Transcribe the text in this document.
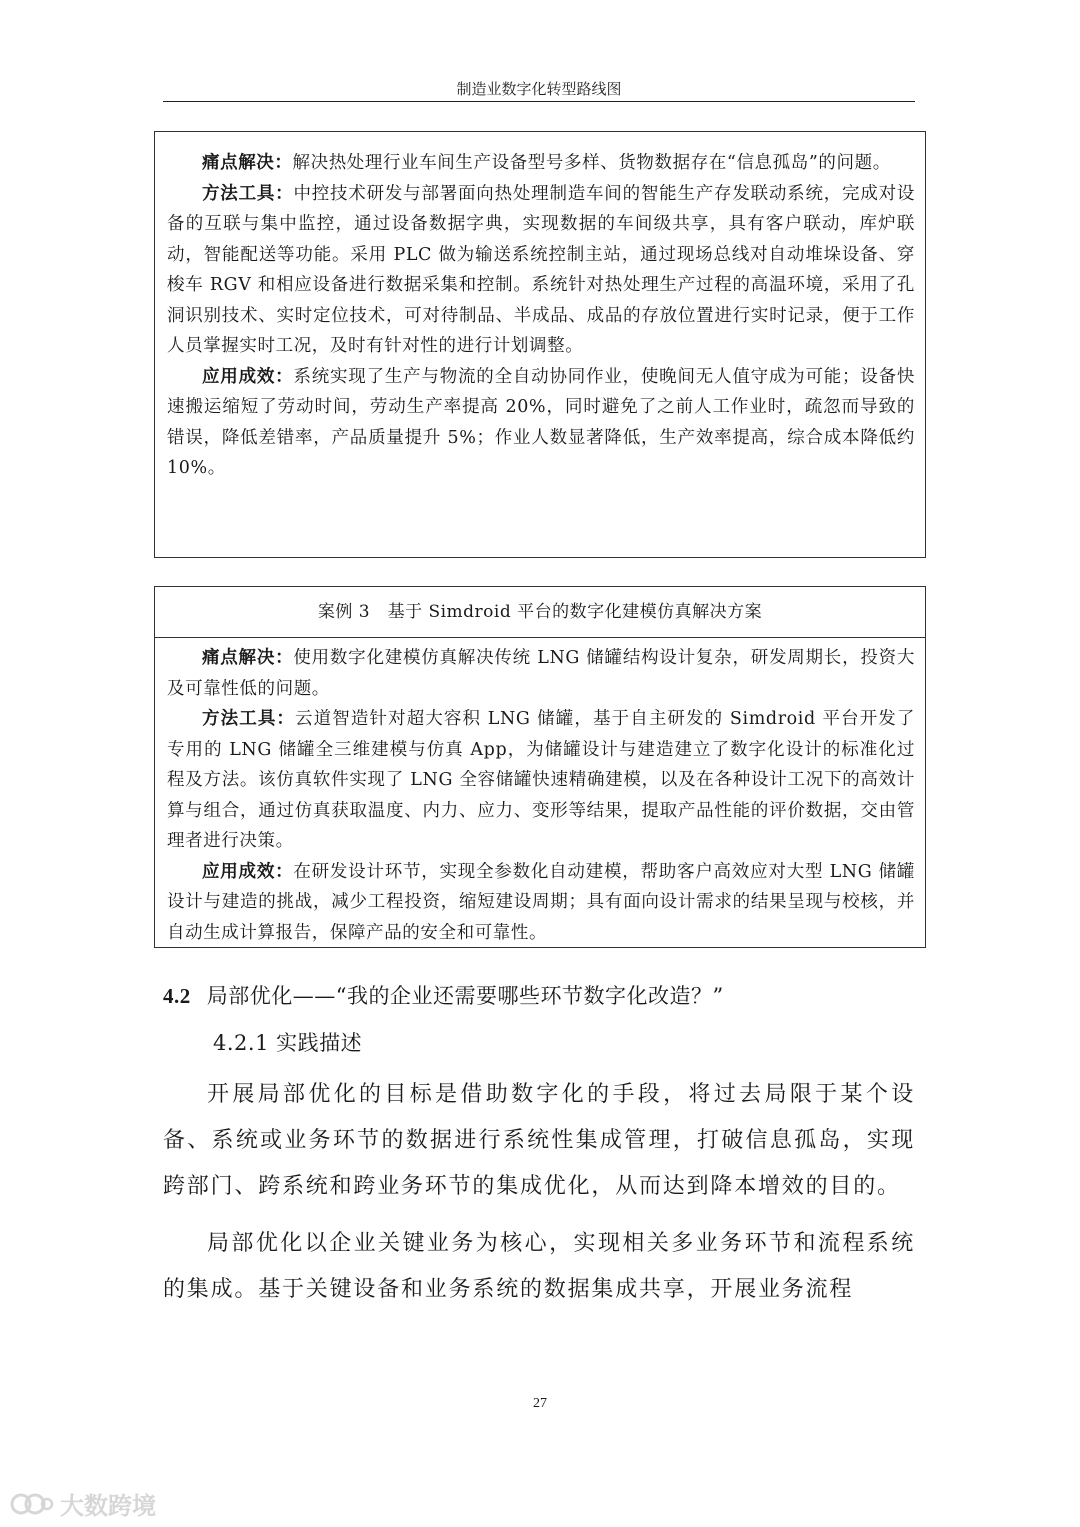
制造业数字化转型路线图

痛点解决：解决热处理行业车间生产设备型号多样、货物数据存在“信息孤岛”的问题。

方法工具：中控技术研发与部署面向热处理制造车间的智能生产存发联动系统，完成对设备的互联与集中监控，通过设备数据字典，实现数据的车间级共享，具有客户联动，库炉联动，智能配送等功能。采用 PLC 做为输送系统控制主站，通过现场总线对自动堆垛设备、穿梭车 RGV 和相应设备进行数据采集和控制。系统针对热处理生产过程的高温环境，采用了孔洞识别技术、实时定位技术，可对待制品、半成品、成品的存放位置进行实时记录，便于工作人员掌握实时工况，及时有针对性的进行计划调整。

应用成效：系统实现了生产与物流的全自动协同作业，使晚间无人值守成为可能；设备快速搬运缩短了劳动时间，劳动生产率提高 20%，同时避免了之前人工作业时，疏忽而导致的错误，降低差错率，产品质量提升 5%；作业人数显著降低，生产效率提高，综合成本降低约 10%。

案例 3　基于 Simdroid 平台的数字化建模仿真解决方案

痛点解决：使用数字化建模仿真解决传统 LNG 储罐结构设计复杂，研发周期长，投资大及可靠性低的问题。

方法工具：云道智造针对超大容积 LNG 储罐，基于自主研发的 Simdroid 平台开发了专用的 LNG 储罐全三维建模与仿真 App，为储罐设计与建造建立了数字化设计的标准化过程及方法。该仿真软件实现了 LNG 全容储罐快速精确建模，以及在各种设计工况下的高效计算与组合，通过仿真获取温度、内力、应力、变形等结果，提取产品性能的评价数据，交由管理者进行决策。

应用成效：在研发设计环节，实现全参数化自动建模，帮助客户高效应对大型 LNG 储罐设计与建造的挑战，减少工程投资，缩短建设周期；具有面向设计需求的结果呈现与校核，并自动生成计算报告，保障产品的安全和可靠性。

4.2 局部优化——“我的企业还需要哪些环节数字化改造？”
4.2.1 实践描述

开展局部优化的目标是借助数字化的手段，将过去局限于某个设备、系统或业务环节的数据进行系统性集成管理，打破信息孤岛，实现跨部门、跨系统和跨业务环节的集成优化，从而达到降本增效的目的。

局部优化以企业关键业务为核心，实现相关多业务环节和流程系统的集成。基于关键设备和业务系统的数据集成共享，开展业务流程

27
大数跨境
